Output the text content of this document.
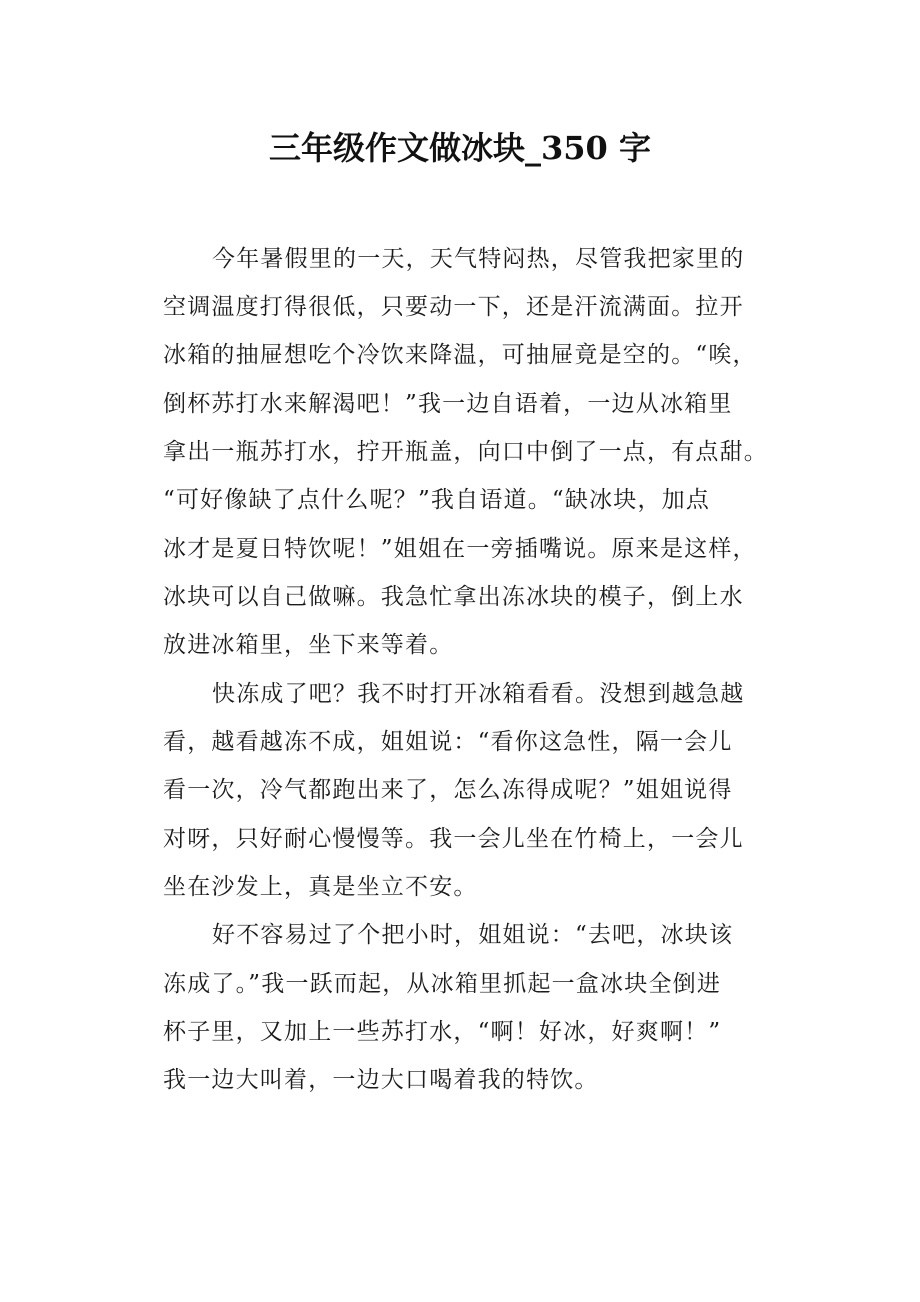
三年级作文做冰块_350 字
今年暑假里的一天，天气特闷热，尽管我把家里的
空调温度打得很低，只要动一下，还是汗流满面。拉开
冰箱的抽屉想吃个冷饮来降温，可抽屉竟是空的。“唉，
倒杯苏打水来解渴吧！”我一边自语着，一边从冰箱里
拿出一瓶苏打水，拧开瓶盖，向口中倒了一点，有点甜。
“可好像缺了点什么呢？”我自语道。“缺冰块，加点
冰才是夏日特饮呢！”姐姐在一旁插嘴说。原来是这样，
冰块可以自己做嘛。我急忙拿出冻冰块的模子，倒上水
放进冰箱里，坐下来等着。
快冻成了吧？我不时打开冰箱看看。没想到越急越
看，越看越冻不成，姐姐说：“看你这急性，隔一会儿
看一次，冷气都跑出来了，怎么冻得成呢？”姐姐说得
对呀，只好耐心慢慢等。我一会儿坐在竹椅上，一会儿
坐在沙发上，真是坐立不安。
好不容易过了个把小时，姐姐说：“去吧，冰块该
冻成了。”我一跃而起，从冰箱里抓起一盒冰块全倒进
杯子里，又加上一些苏打水，“啊！好冰，好爽啊！”
我一边大叫着，一边大口喝着我的特饮。
